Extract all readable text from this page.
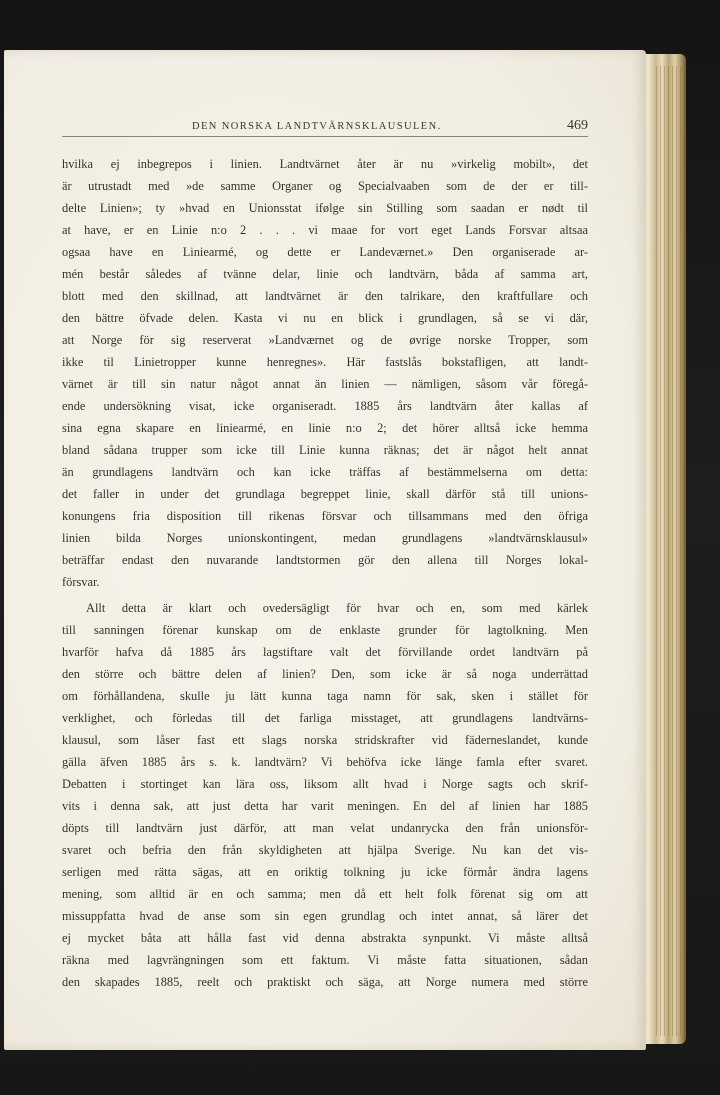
DEN NORSKA LANDTVÄRNSKLAUSULEN.	469
hvilka ej inbegrepos i linien. Landtvärnet åter är nu »virkelig mobilt», det
är utrustadt med »de samme Organer og Specialvaaben som de der er till-
delte Linien»; ty »hvad en Unionsstat ifølge sin Stilling som saadan er nødt til
at have, er en Linie n:o 2 . . . vi maae for vort eget Lands Forsvar altsaa
ogsaa have en Liniearmé, og dette er Landeværnet.» Den organiserade ar-
mén består således af tvänne delar, linie och landtvärn, båda af samma art,
blott med den skillnad, att landtvärnet är den talrikare, den kraftfullare och
den bättre öfvade delen. Kasta vi nu en blick i grundlagen, så se vi där,
att Norge för sig reserverat »Landværnet og de øvrige norske Tropper, som
ikke til Linietropper kunne henregnes». Här fastslås bokstafligen, att landt-
värnet är till sin natur något annat än linien — nämligen, såsom vår föregå-
ende undersökning visat, icke organiseradt. 1885 års landtvärn åter kallas af
sina egna skapare en liniearmé, en linie n:o 2; det hörer alltså icke hemma
bland sådana trupper som icke till Linie kunna räknas; det är något helt annat
än grundlagens landtvärn och kan icke träffas af bestämmelserna om detta:
det faller in under det grundlaga begreppet linie, skall därför stå till unions-
konungens fria disposition till rikenas försvar och tillsammans med den öfriga
linien bilda Norges unionskontingent, medan grundlagens »landtvärnsklausul»
beträffar endast den nuvarande landtstormen gör den allena till Norges lokal-
försvar.
Allt detta är klart och ovedersägligt för hvar och en, som med kärlek
till sanningen förenar kunskap om de enklaste grunder för lagtolkning. Men
hvarför hafva då 1885 års lagstiftare valt det förvillande ordet landtvärn på
den större och bättre delen af linien? Den, som icke är så noga underrättad
om förhållandena, skulle ju lätt kunna taga namn för sak, sken i stället för
verklighet, och förledas till det farliga misstaget, att grundlagens landtvärns-
klausul, som låser fast ett slags norska stridskrafter vid fäderneslandet, kunde
gälla äfven 1885 års s. k. landtvärn? Vi behöfva icke länge famla efter svaret.
Debatten i stortinget kan lära oss, liksom allt hvad i Norge sagts och skrif-
vits i denna sak, att just detta har varit meningen. En del af linien har 1885
döpts till landtvärn just därför, att man velat undanrycka den från unionsför-
svaret och befria den från skyldigheten att hjälpa Sverige. Nu kan det vis-
serligen med rätta sägas, att en oriktig tolkning ju icke förmår ändra lagens
mening, som alltid är en och samma; men då ett helt folk förenat sig om att
missuppfatta hvad de anse som sin egen grundlag och intet annat, så lärer det
ej mycket båta att hålla fast vid denna abstrakta synpunkt. Vi måste alltså
räkna med lagvrängningen som ett faktum. Vi måste fatta situationen, sådan
den skapades 1885, reelt och praktiskt och säga, att Norge numera med större
